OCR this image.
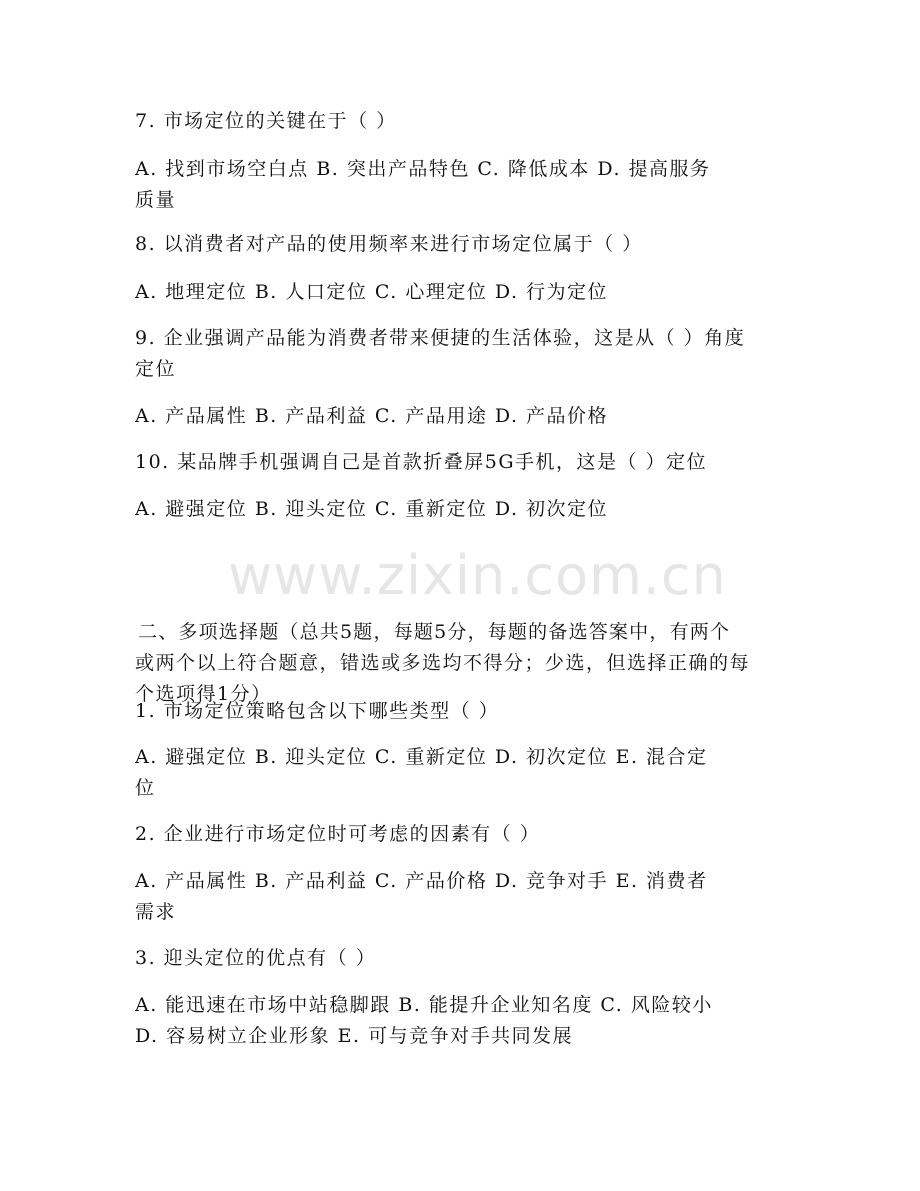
www.zixin.com.cn
7. 市场定位的关键在于（ ）
A. 找到市场空白点 B. 突出产品特色 C. 降低成本 D. 提高服务
质量
8. 以消费者对产品的使用频率来进行市场定位属于（ ）
A. 地理定位 B. 人口定位 C. 心理定位 D. 行为定位
9. 企业强调产品能为消费者带来便捷的生活体验，这是从（ ）角度
定位
A. 产品属性 B. 产品利益 C. 产品用途 D. 产品价格
10. 某品牌手机强调自己是首款折叠屏5G手机，这是（ ）定位
A. 避强定位 B. 迎头定位 C. 重新定位 D. 初次定位
二、多项选择题（总共5题，每题5分，每题的备选答案中，有两个
或两个以上符合题意，错选或多选均不得分；少选，但选择正确的每
个选项得1分）
1. 市场定位策略包含以下哪些类型（ ）
A. 避强定位 B. 迎头定位 C. 重新定位 D. 初次定位 E. 混合定
位
2. 企业进行市场定位时可考虑的因素有（ ）
A. 产品属性 B. 产品利益 C. 产品价格 D. 竞争对手 E. 消费者
需求
3. 迎头定位的优点有（ ）
A. 能迅速在市场中站稳脚跟 B. 能提升企业知名度 C. 风险较小
D. 容易树立企业形象 E. 可与竞争对手共同发展
